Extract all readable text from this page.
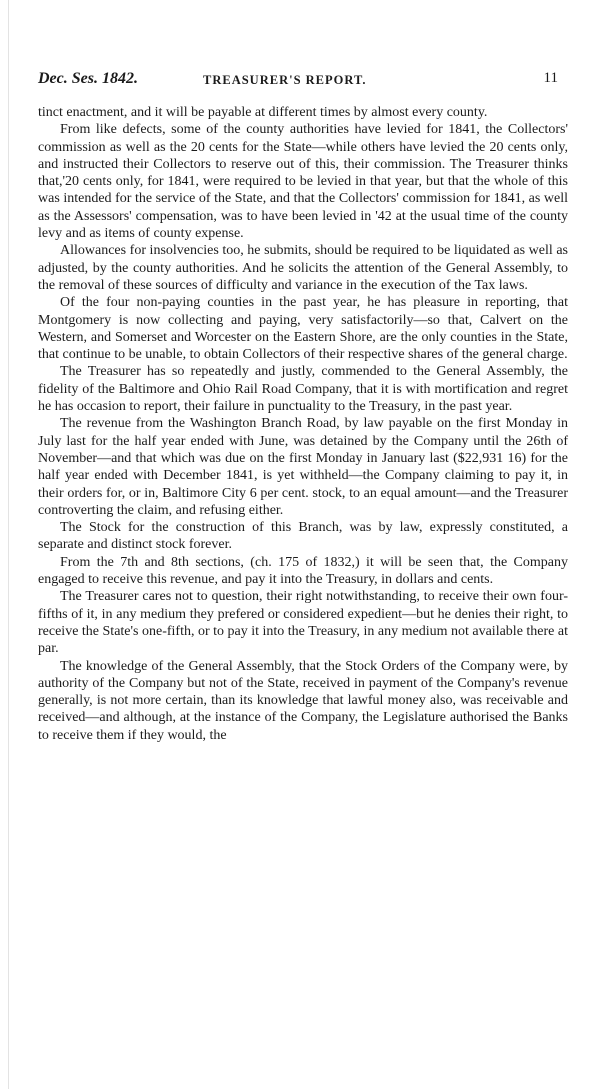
Dec. Ses. 1842.	TREASURER'S REPORT.	11

tinct enactment, and it will be payable at different times by almost every county.

From like defects, some of the county authorities have levied for 1841, the Collectors' commission as well as the 20 cents for the State—while others have levied the 20 cents only, and instructed their Collectors to reserve out of this, their commission. The Treasurer thinks that,'20 cents only, for 1841, were required to be levied in that year, but that the whole of this was intended for the service of the State, and that the Collectors' commission for 1841, as well as the Assessors' compensation, was to have been levied in '42 at the usual time of the county levy and as items of county expense.

Allowances for insolvencies too, he submits, should be required to be liquidated as well as adjusted, by the county authorities. And he solicits the attention of the General Assembly, to the removal of these sources of difficulty and variance in the execution of the Tax laws.

Of the four non-paying counties in the past year, he has pleasure in reporting, that Montgomery is now collecting and paying, very satisfactorily—so that, Calvert on the Western, and Somerset and Worcester on the Eastern Shore, are the only counties in the State, that continue to be unable, to obtain Collectors of their respective shares of the general charge.

The Treasurer has so repeatedly and justly, commended to the General Assembly, the fidelity of the Baltimore and Ohio Rail Road Company, that it is with mortification and regret he has occasion to report, their failure in punctuality to the Treasury, in the past year.

The revenue from the Washington Branch Road, by law payable on the first Monday in July last for the half year ended with June, was detained by the Company until the 26th of November—and that which was due on the first Monday in January last ($22,931 16) for the half year ended with December 1841, is yet withheld—the Company claiming to pay it, in their orders for, or in, Baltimore City 6 per cent. stock, to an equal amount—and the Treasurer controverting the claim, and refusing either.

The Stock for the construction of this Branch, was by law, expressly constituted, a separate and distinct stock forever.

From the 7th and 8th sections, (ch. 175 of 1832,) it will be seen that, the Company engaged to receive this revenue, and pay it into the Treasury, in dollars and cents.

The Treasurer cares not to question, their right notwithstanding, to receive their own four-fifths of it, in any medium they prefered or considered expedient—but he denies their right, to receive the State's one-fifth, or to pay it into the Treasury, in any medium not available there at par.

The knowledge of the General Assembly, that the Stock Orders of the Company were, by authority of the Company but not of the State, received in payment of the Company's revenue generally, is not more certain, than its knowledge that lawful money also, was receivable and received—and although, at the instance of the Company, the Legislature authorised the Banks to receive them if they would, the
